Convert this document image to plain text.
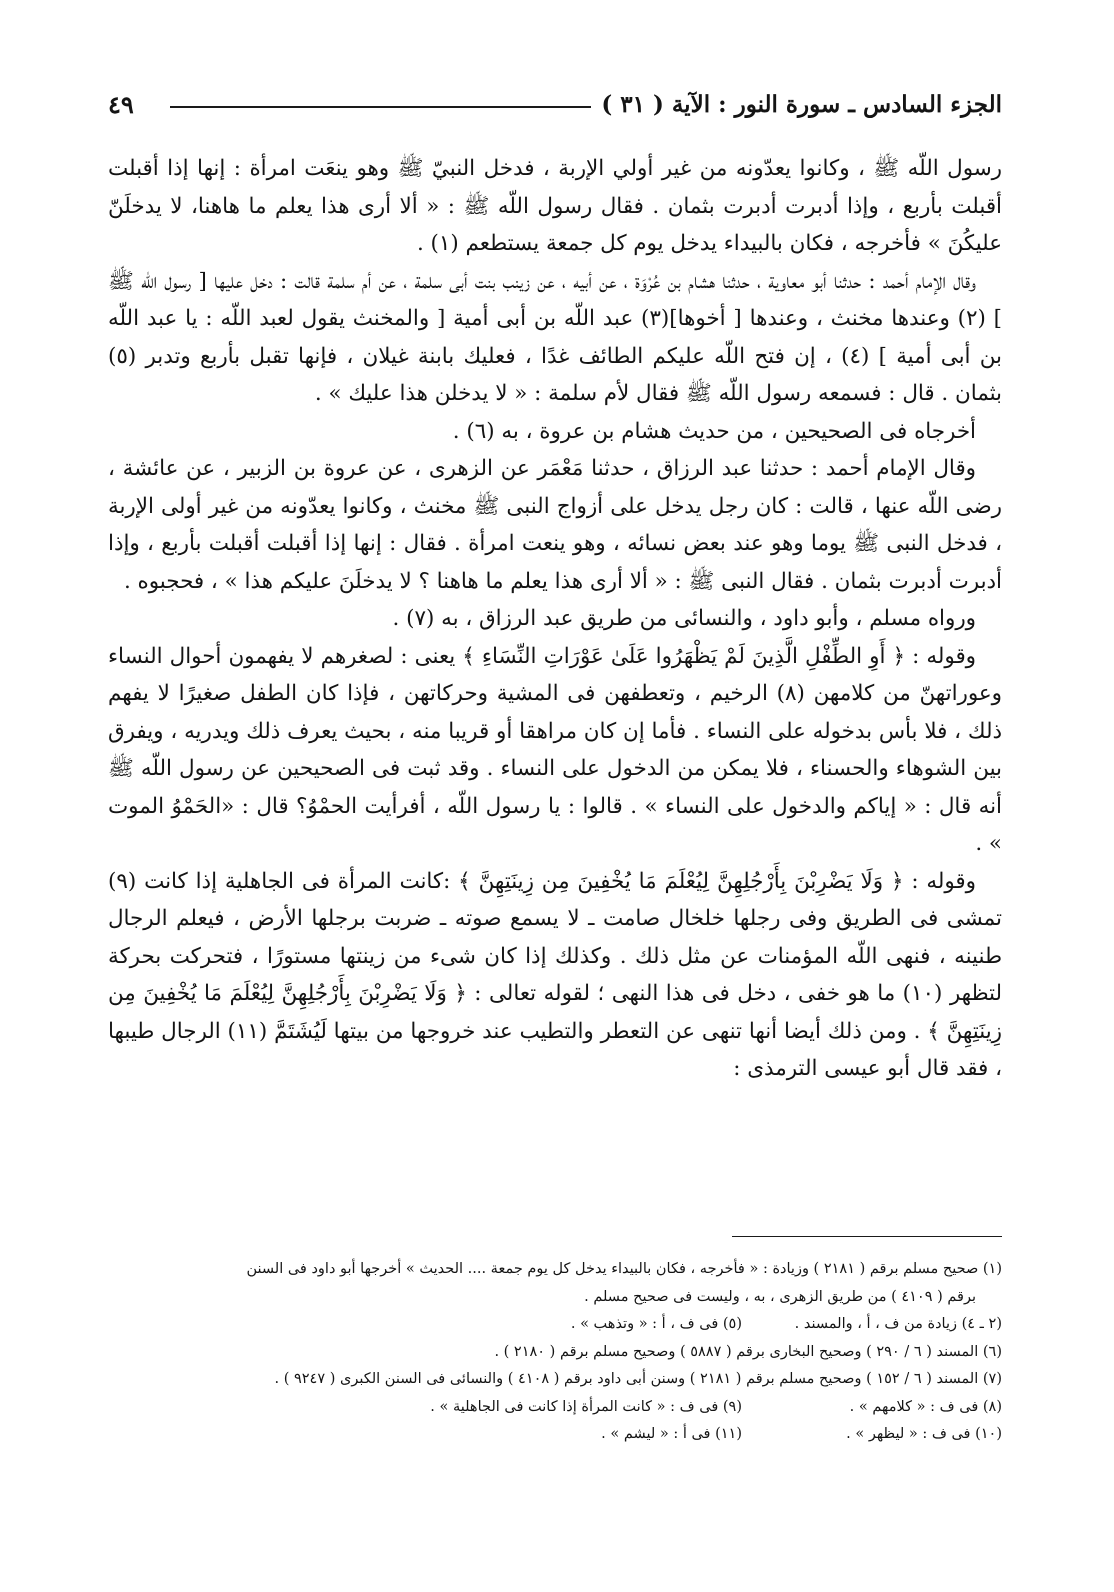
الجزء السادس ـ سورة النور : الآية ( ٣١ )
٤٩

رسول اللّه ﷺ ، وكانوا يعدّونه من غير أولي الإربة ، فدخل النبيّ ﷺ وهو ينعَت امرأة : إنها إذا أقبلت أقبلت بأربع ، وإذا أدبرت أدبرت بثمان . فقال رسول اللّه ﷺ : « ألا أرى هذا يعلم ما هاهنا، لا يدخلَنّ عليكُنَ » فأخرجه ، فكان بالبيداء يدخل يوم كل جمعة يستطعم (١) .

وقال الإمام أحمد : حدثنا أبو معاوية ، حدثنا هشام بن عُرْوَة ، عن أبيه ، عن زينب بنت أبى سلمة ، عن أم سلمة قالت : دخل عليها [ رسول اللّه ﷺ ] (٢) وعندها مخنث ، وعندها [ أخوها](٣) عبد اللّه بن أبى أمية [ والمخنث يقول لعبد اللّه : يا عبد اللّه بن أبى أمية ] (٤) ، إن فتح اللّه عليكم الطائف غدًا ، فعليك بابنة غيلان ، فإنها تقبل بأربع وتدبر (٥) بثمان . قال : فسمعه رسول اللّه ﷺ فقال لأم سلمة : « لا يدخلن هذا عليك » .

أخرجاه فى الصحيحين ، من حديث هشام بن عروة ، به (٦) .

وقال الإمام أحمد : حدثنا عبد الرزاق ، حدثنا مَعْمَر عن الزهرى ، عن عروة بن الزبير ، عن عائشة ، رضى اللّه عنها ، قالت : كان رجل يدخل على أزواج النبى ﷺ مخنث ، وكانوا يعدّونه من غير أولى الإربة ، فدخل النبى ﷺ يوما وهو عند بعض نسائه ، وهو ينعت امرأة . فقال : إنها إذا أقبلت أقبلت بأربع ، وإذا أدبرت أدبرت بثمان . فقال النبى ﷺ : « ألا أرى هذا يعلم ما هاهنا ؟ لا يدخلَنَ عليكم هذا » ، فحجبوه .

ورواه مسلم ، وأبو داود ، والنسائى من طريق عبد الرزاق ، به (٧) .

وقوله : ﴿ أَوِ الطِّفْلِ الَّذِينَ لَمْ يَظْهَرُوا عَلَىٰ عَوْرَاتِ النِّسَاءِ ﴾ يعنى : لصغرهم لا يفهمون أحوال النساء وعوراتهنّ من كلامهن (٨) الرخيم ، وتعطفهن فى المشية وحركاتهن ، فإذا كان الطفل صغيرًا لا يفهم ذلك ، فلا بأس بدخوله على النساء . فأما إن كان مراهقا أو قريبا منه ، بحيث يعرف ذلك ويدريه ، ويفرق بين الشوهاء والحسناء ، فلا يمكن من الدخول على النساء . وقد ثبت فى الصحيحين عن رسول اللّه ﷺ أنه قال : « إياكم والدخول على النساء » . قالوا : يا رسول اللّه ، أفرأيت الحمْوُ؟ قال : «الحَمْوُ الموت » .

وقوله : ﴿ وَلَا يَضْرِبْنَ بِأَرْجُلِهِنَّ لِيُعْلَمَ مَا يُخْفِينَ مِن زِينَتِهِنَّ ﴾ :كانت المرأة فى الجاهلية إذا كانت (٩) تمشى فى الطريق وفى رجلها خلخال صامت ـ لا يسمع صوته ـ ضربت برجلها الأرض ، فيعلم الرجال طنينه ، فنهى اللّه المؤمنات عن مثل ذلك . وكذلك إذا كان شىء من زينتها مستورًا ، فتحركت بحركة لتظهر (١٠) ما هو خفى ، دخل فى هذا النهى ؛ لقوله تعالى : ﴿ وَلَا يَضْرِبْنَ بِأَرْجُلِهِنَّ لِيُعْلَمَ مَا يُخْفِينَ مِن زِينَتِهِنَّ ﴾ . ومن ذلك أيضا أنها تنهى عن التعطر والتطيب عند خروجها من بيتها لَيُشَتَمَّ (١١) الرجال طيبها ، فقد قال أبو عيسى الترمذى :

(١) صحيح مسلم برقم ( ٢١٨١ ) وزيادة : « فأخرجه ، فكان بالبيداء يدخل كل يوم جمعة .... الحديث » أخرجها أبو داود فى السنن
برقم ( ٤١٠٩ ) من طريق الزهرى ، به ، وليست فى صحيح مسلم .
(٢ ـ ٤) زيادة من ف ، أ ، والمسند .
(٥) فى ف ، أ : « وتذهب » .
(٦) المسند ( ٦ / ٢٩٠ ) وصحيح البخارى برقم ( ٥٨٨٧ ) وصحيح مسلم برقم ( ٢١٨٠ ) .
(٧) المسند ( ٦ / ١٥٢ ) وصحيح مسلم برقم ( ٢١٨١ ) وسنن أبى داود برقم ( ٤١٠٨ ) والنسائى فى السنن الكبرى ( ٩٢٤٧ ) .
(٨) فى ف : « كلامهم » .
(٩) فى ف : « كانت المرأة إذا كانت فى الجاهلية » .
(١٠) فى ف : « ليظهر » .
(١١) فى أ : « ليشم » .
